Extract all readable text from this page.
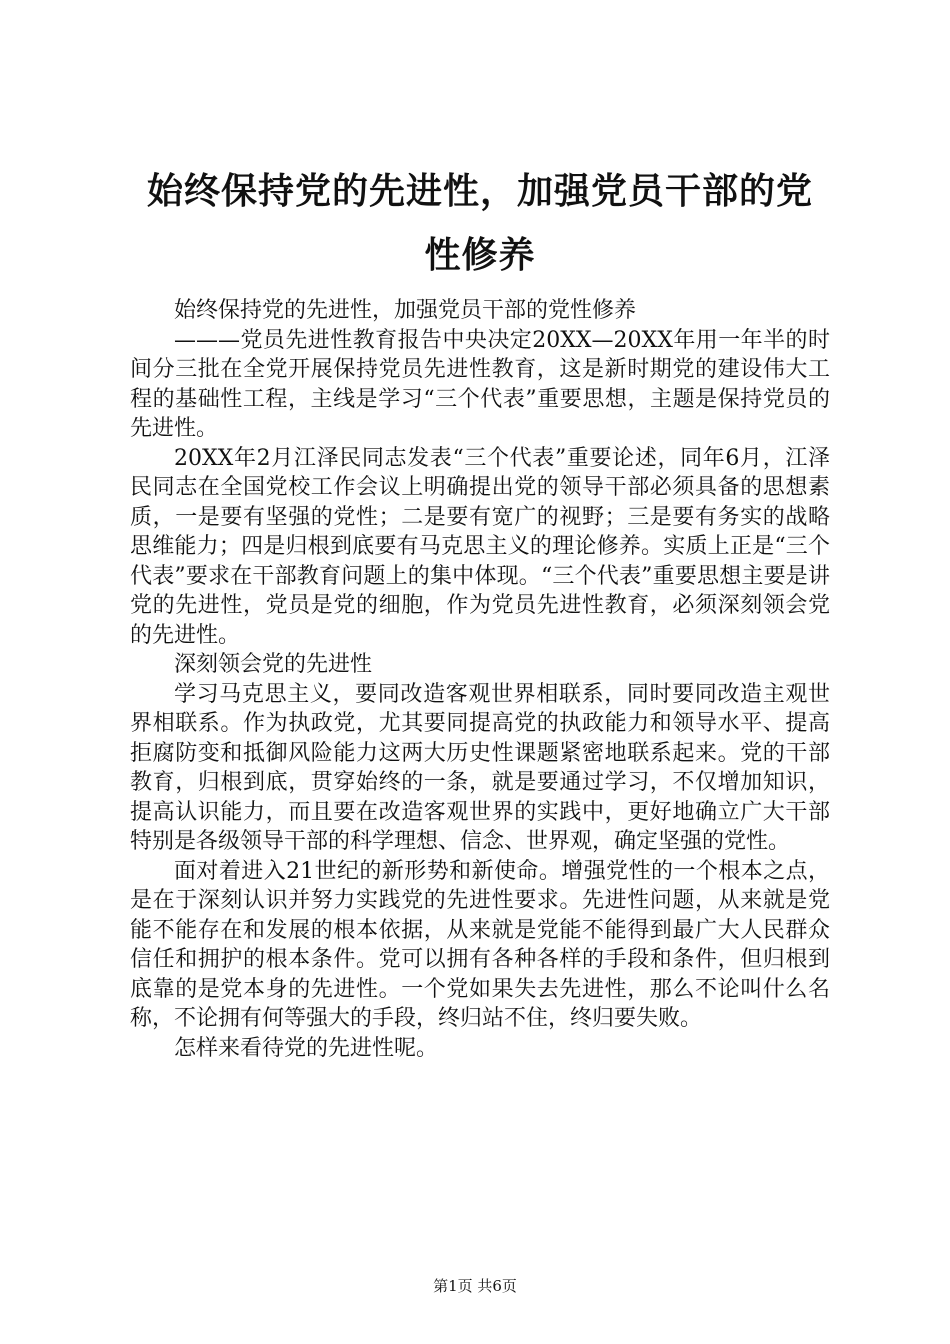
始终保持党的先进性，加强党员干部的党性修养

始终保持党的先进性，加强党员干部的党性修养

———党员先进性教育报告中央决定20XX—20XX年用一年半的时间分三批在全党开展保持党员先进性教育，这是新时期党的建设伟大工程的基础性工程，主线是学习“三个代表”重要思想，主题是保持党员的先进性。

20XX年2月江泽民同志发表“三个代表”重要论述，同年6月，江泽民同志在全国党校工作会议上明确提出党的领导干部必须具备的思想素质，一是要有坚强的党性；二是要有宽广的视野；三是要有务实的战略思维能力；四是归根到底要有马克思主义的理论修养。实质上正是“三个代表”要求在干部教育问题上的集中体现。“三个代表”重要思想主要是讲党的先进性，党员是党的细胞，作为党员先进性教育，必须深刻领会党的先进性。

深刻领会党的先进性

学习马克思主义，要同改造客观世界相联系，同时要同改造主观世界相联系。作为执政党，尤其要同提高党的执政能力和领导水平、提高拒腐防变和抵御风险能力这两大历史性课题紧密地联系起来。党的干部教育，归根到底，贯穿始终的一条，就是要通过学习，不仅增加知识，提高认识能力，而且要在改造客观世界的实践中，更好地确立广大干部特别是各级领导干部的科学理想、信念、世界观，确定坚强的党性。

面对着进入21世纪的新形势和新使命。增强党性的一个根本之点，是在于深刻认识并努力实践党的先进性要求。先进性问题，从来就是党能不能存在和发展的根本依据，从来就是党能不能得到最广大人民群众信任和拥护的根本条件。党可以拥有各种各样的手段和条件，但归根到底靠的是党本身的先进性。一个党如果失去先进性，那么不论叫什么名称，不论拥有何等强大的手段，终归站不住，终归要失败。

怎样来看待党的先进性呢。

第1页 共6页
